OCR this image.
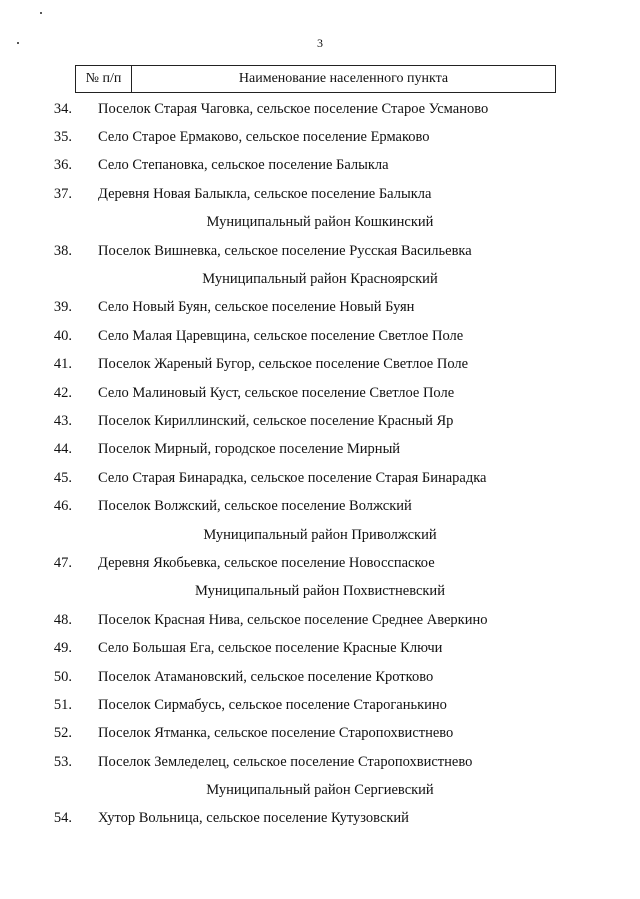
3
№ п/п	Наименование населенного пункта
34.	Поселок Старая Чаговка, сельское поселение Старое Усманово
35.	Село Старое Ермаково, сельское поселение Ермаково
36.	Село Степановка, сельское поселение Балыкла
37.	Деревня Новая Балыкла, сельское поселение Балыкла
Муниципальный район Кошкинский
38.	Поселок Вишневка, сельское поселение Русская Васильевка
Муниципальный район Красноярский
39.	Село Новый Буян, сельское поселение Новый Буян
40.	Село Малая Царевщина, сельское поселение Светлое Поле
41.	Поселок Жареный Бугор, сельское поселение Светлое Поле
42.	Село Малиновый Куст, сельское поселение Светлое Поле
43.	Поселок Кириллинский, сельское поселение Красный Яр
44.	Поселок Мирный, городское поселение Мирный
45.	Село Старая Бинарадка, сельское поселение Старая Бинарадка
46.	Поселок Волжский, сельское поселение Волжский
Муниципальный район Приволжский
47.	Деревня Якобьевка, сельское поселение Новосспаское
Муниципальный район Похвистневский
48.	Поселок Красная Нива, сельское поселение Среднее Аверкино
49.	Село Большая Ега, сельское поселение Красные Ключи
50.	Поселок Атамановский, сельское поселение Кротково
51.	Поселок Сирмабусь, сельское поселение Староганькино
52.	Поселок Ятманка, сельское поселение Старопохвистнево
53.	Поселок Земледелец, сельское поселение Старопохвистнево
Муниципальный район Сергиевский
54.	Хутор Вольница, сельское поселение Кутузовский
